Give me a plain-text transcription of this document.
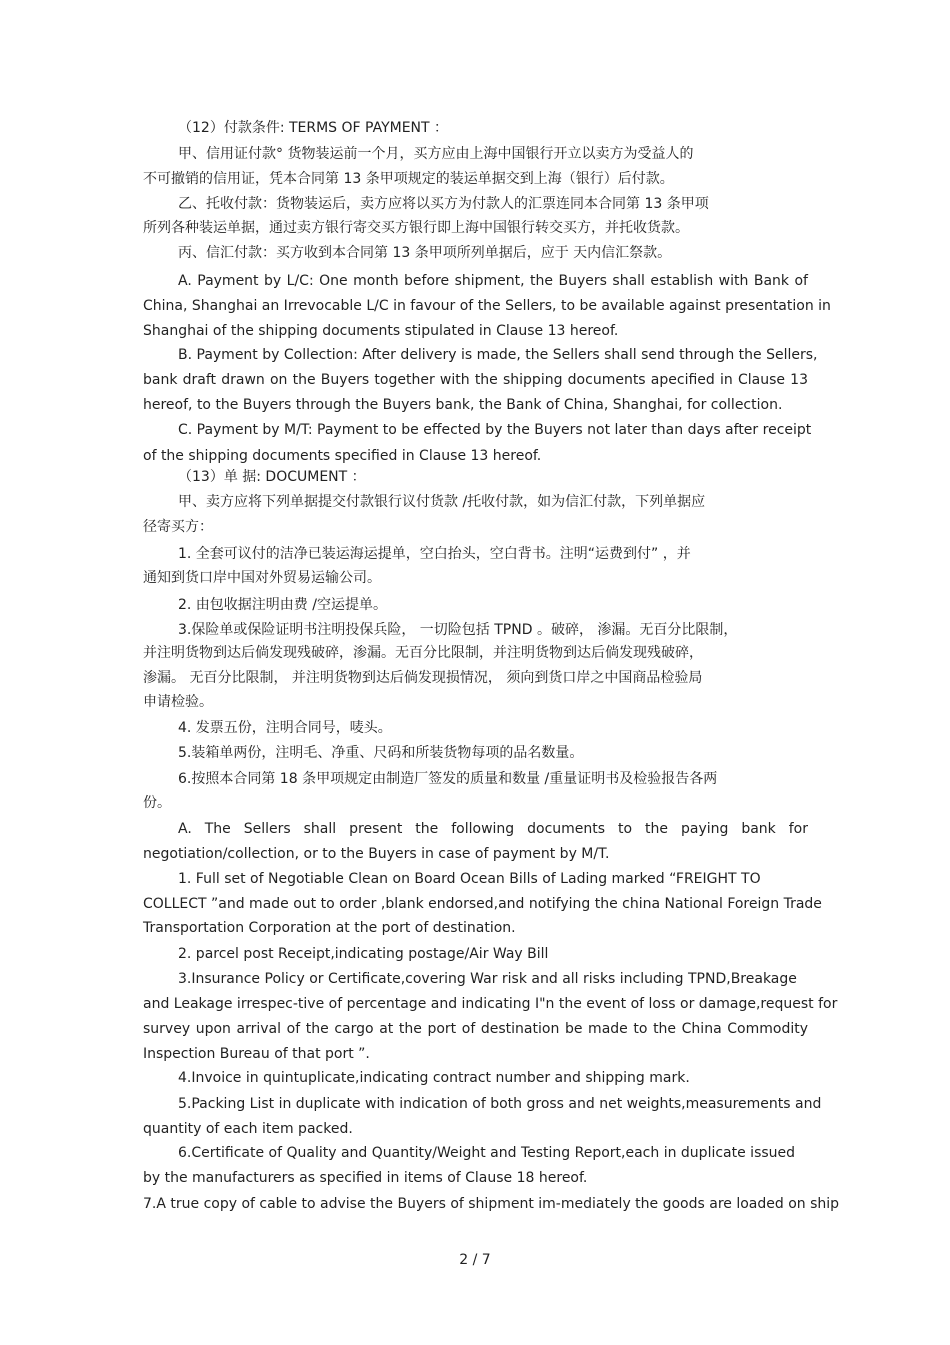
2 / 7
（12）付款条件: TERMS OF PAYMENT ：
甲、信用证付款° 货物装运前一个月，买方应由上海中国银行开立以卖方为受益人的
不可撤销的信用证，凭本合同第 13 条甲项规定的装运单据交到上海（银行）后付款。
乙、托收付款：货物装运后，卖方应将以买方为付款人的汇票连同本合同第 13 条甲项
所列各种装运单据，通过卖方银行寄交买方银行即上海中国银行转交买方，并托收货款。
丙、信汇付款：买方收到本合同第 13 条甲项所列单据后，应于 天内信汇祭款。
A. Payment by L/C: One month before shipment, the Buyers shall establish with Bank of
China, Shanghai an Irrevocable L/C in favour of the Sellers, to be available against presentation in
Shanghai of the shipping documents stipulated in Clause 13 hereof.
B. Payment by Collection: After delivery is made, the Sellers shall send through the Sellers,
bank draft drawn on the Buyers together with the shipping documents apecified in Clause 13
hereof, to the Buyers through the Buyers bank, the Bank of China, Shanghai, for collection.
C. Payment by M/T: Payment to be effected by the Buyers not later than days after receipt
of the shipping documents specified in Clause 13 hereof.
（13）单 据: DOCUMENT ：
甲、卖方应将下列单据提交付款银行议付货款 /托收付款，如为信汇付款，下列单据应
径寄买方：
1. 全套可议付的洁净已装运海运提单，空白抬头，空白背书。注明“运费到付” ，并
通知到货口岸中国对外贸易运输公司。
2. 由包收据注明由费 /空运提单。
3.保险单或保险证明书注明投保兵险， 一切险包括 TPND 。破碎， 渗漏。无百分比限制，
并注明货物到达后倘发现残破碎，渗漏。无百分比限制，并注明货物到达后倘发现残破碎，
渗漏。 无百分比限制， 并注明货物到达后倘发现损情况， 须向到货口岸之中国商品检验局
申请检验。
4. 发票五份，注明合同号，唛头。
5.装箱单两份，注明毛、净重、尺码和所装货物每项的品名数量。
6.按照本合同第 18 条甲项规定由制造厂签发的质量和数量 /重量证明书及检验报告各两
份。
A. The Sellers shall present the following documents to the paying bank for
negotiation/collection, or to the Buyers in case of payment by M/T.
1. Full set of Negotiable Clean on Board Ocean Bills of Lading marked “FREIGHT TO
COLLECT ”and made out to order ,blank endorsed,and notifying the china National Foreign Trade
Transportation Corporation at the port of destination.
2. parcel post Receipt,indicating postage/Air Way Bill
3.Insurance Policy or Certificate,covering War risk and all risks including TPND,Breakage
and Leakage irrespec-tive of percentage and indicating I"n the event of loss or damage,request for
survey upon arrival of the cargo at the port of destination be made to the China Commodity
Inspection Bureau of that port ”.
4.Invoice in quintuplicate,indicating contract number and shipping mark.
5.Packing List in duplicate with indication of both gross and net weights,measurements and
quantity of each item packed.
6.Certificate of Quality and Quantity/Weight and Testing Report,each in duplicate issued
by the manufacturers as specified in items of Clause 18 hereof.
7.A true copy of cable to advise the Buyers of shipment im-mediately the goods are loaded on ship
